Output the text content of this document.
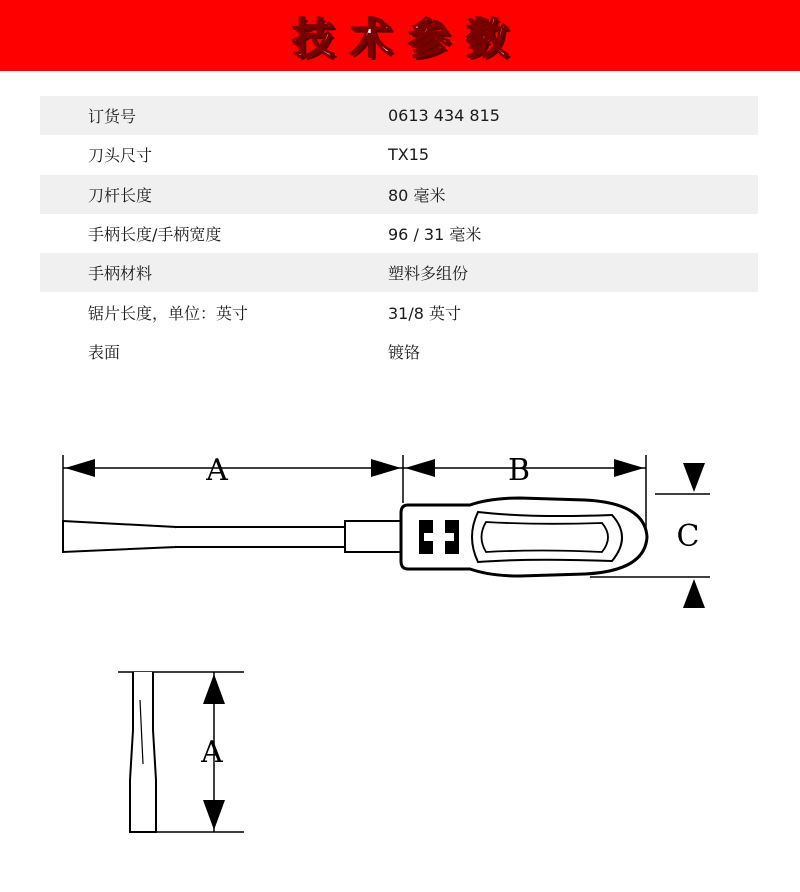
技术参数
订货号	0613 434 815
刀头尺寸	TX15
刀杆长度	80 毫米
手柄长度/手柄宽度	96 / 31 毫米
手柄材料	塑料多组份
锯片长度，单位：英寸	31/8 英寸
表面	镀铬
A	B
C
A
